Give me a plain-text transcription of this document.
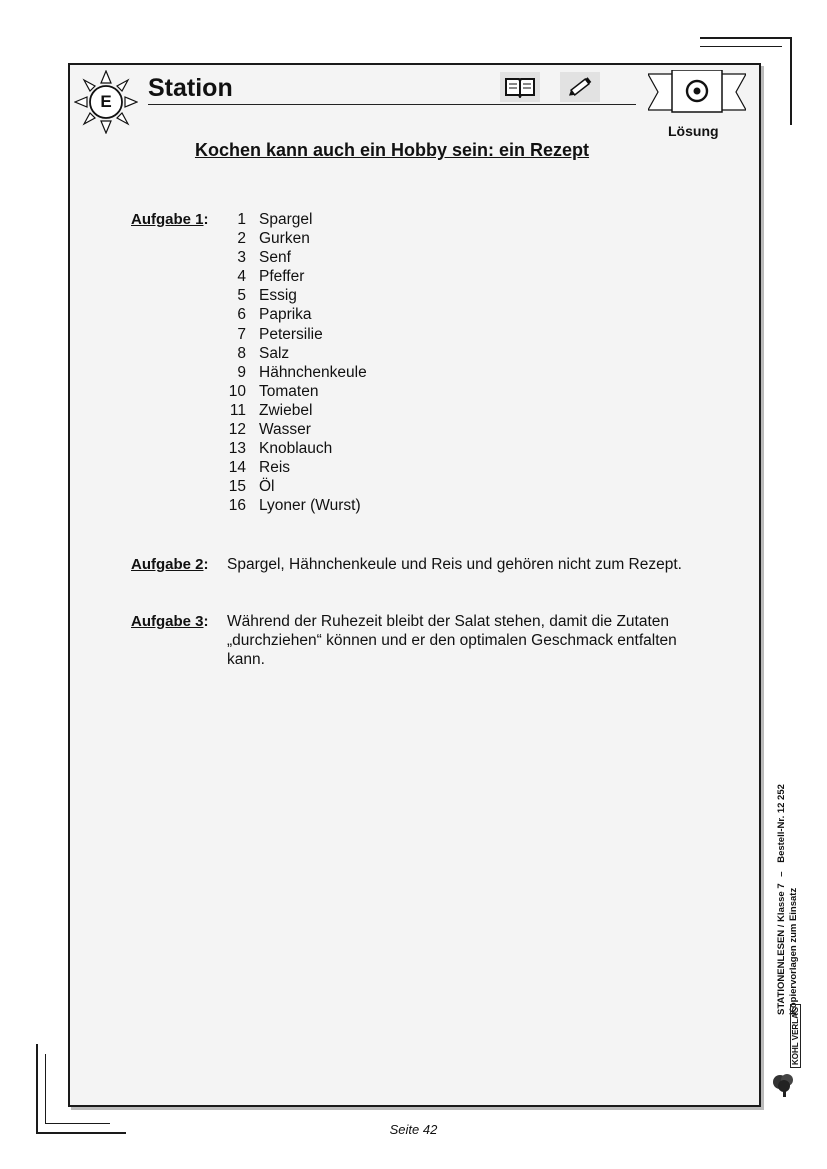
E Station
Lösung
Kochen kann auch ein Hobby sein: ein Rezept
Aufgabe 1:	1 Spargel
2 Gurken
3 Senf
4 Pfeffer
5 Essig
6 Paprika
7 Petersilie
8 Salz
9 Hähnchenkeule
10 Tomaten
11 Zwiebel
12 Wasser
13 Knoblauch
14 Reis
15 Öl
16 Lyoner (Wurst)
Aufgabe 2: Spargel, Hähnchenkeule und Reis und gehören nicht zum Rezept.
Aufgabe 3: Während der Ruhezeit bleibt der Salat stehen, damit die Zutaten
„durchziehen“ können und er den optimalen Geschmack entfalten
kann.
STATIONENLESEN / Klasse 7 – Bestell-Nr. 12 252
Kopiervorlagen zum Einsatz
KOHL VERLAG
Seite 42
